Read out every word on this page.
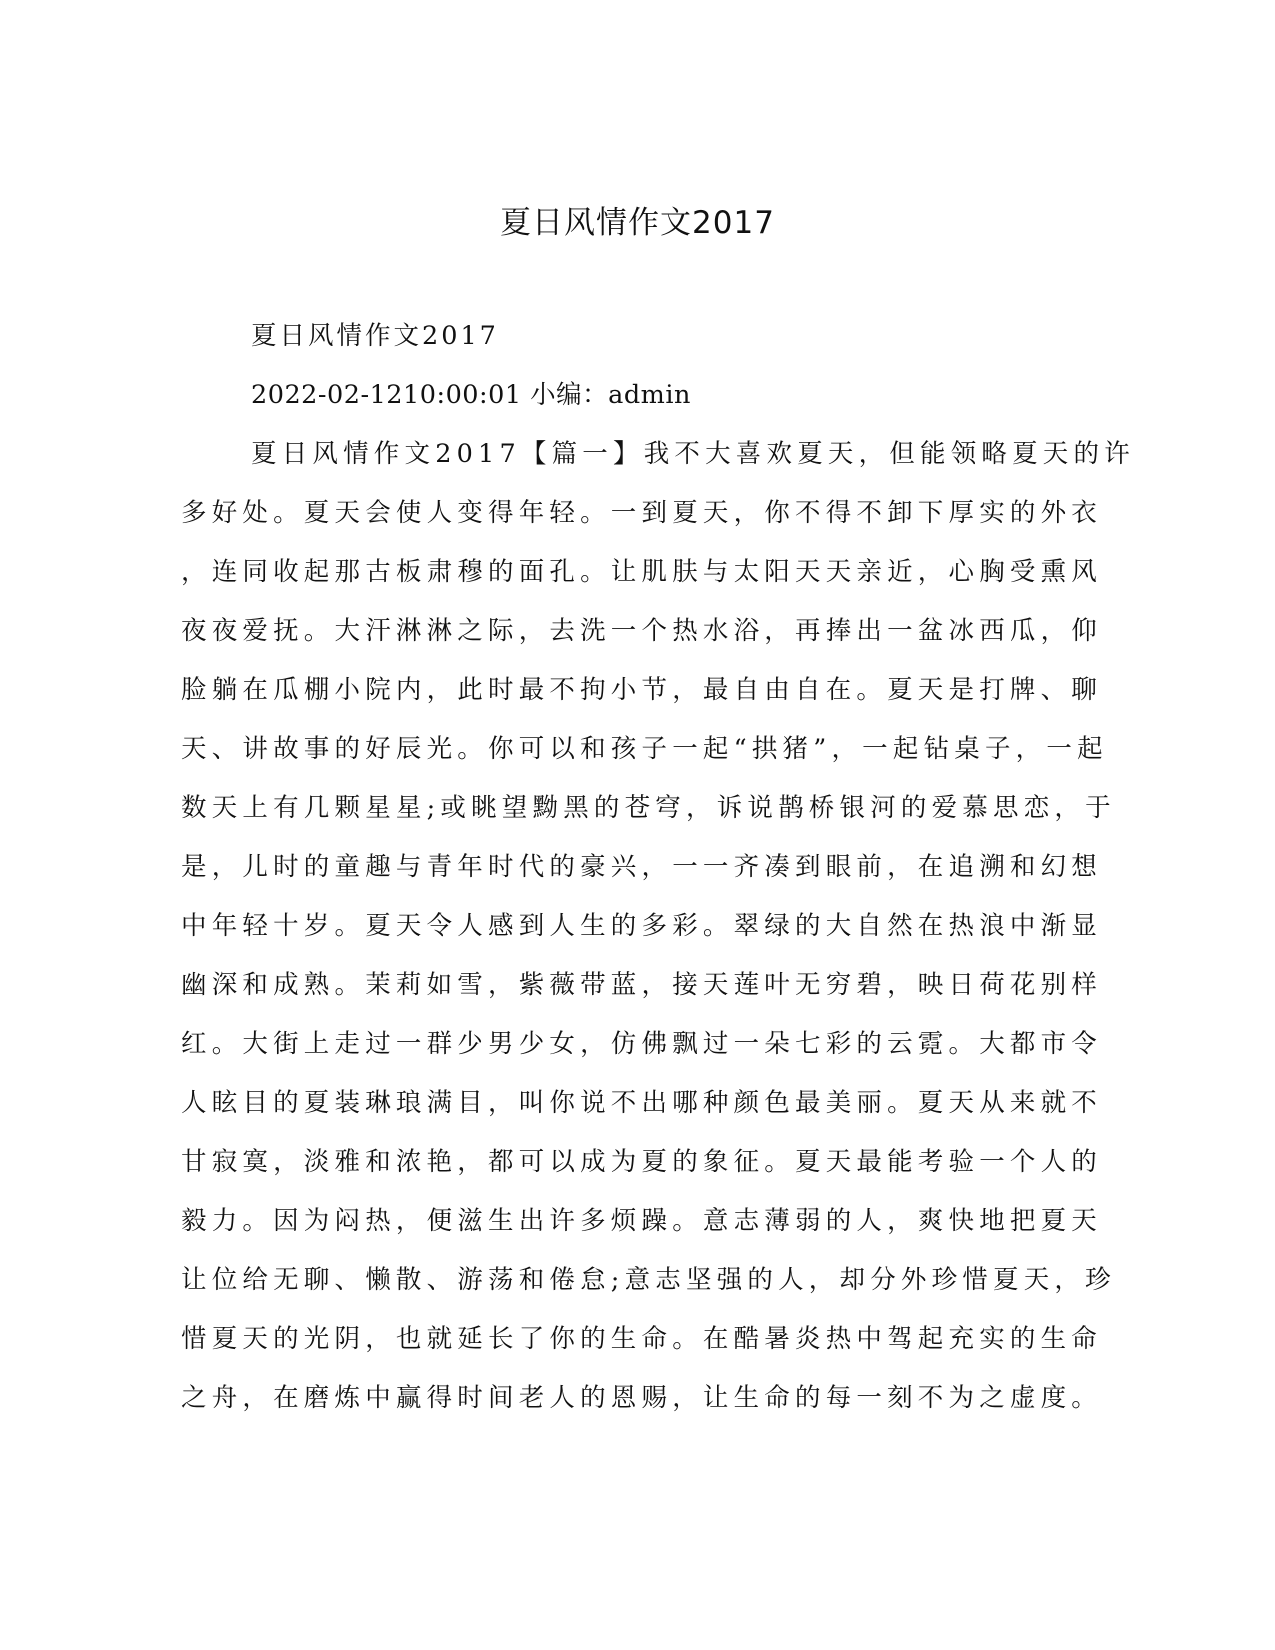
夏日风情作文2017

夏日风情作文2017

2022-02-1210:00:01 小编：admin

夏日风情作文2017【篇一】我不大喜欢夏天，但能领略夏天的许

多好处。夏天会使人变得年轻。一到夏天，你不得不卸下厚实的外衣

，连同收起那古板肃穆的面孔。让肌肤与太阳天天亲近，心胸受熏风

夜夜爱抚。大汗淋淋之际，去洗一个热水浴，再捧出一盆冰西瓜，仰

脸躺在瓜棚小院内，此时最不拘小节，最自由自在。夏天是打牌、聊

天、讲故事的好辰光。你可以和孩子一起“拱猪”，一起钻桌子，一起

数天上有几颗星星;或眺望黝黑的苍穹，诉说鹊桥银河的爱慕思恋，于

是，儿时的童趣与青年时代的豪兴，一一齐凑到眼前，在追溯和幻想

中年轻十岁。夏天令人感到人生的多彩。翠绿的大自然在热浪中渐显

幽深和成熟。茉莉如雪，紫薇带蓝，接天莲叶无穷碧，映日荷花别样

红。大街上走过一群少男少女，仿佛飘过一朵七彩的云霓。大都市令

人眩目的夏装琳琅满目，叫你说不出哪种颜色最美丽。夏天从来就不

甘寂寞，淡雅和浓艳，都可以成为夏的象征。夏天最能考验一个人的

毅力。因为闷热，便滋生出许多烦躁。意志薄弱的人，爽快地把夏天

让位给无聊、懒散、游荡和倦怠;意志坚强的人，却分外珍惜夏天，珍

惜夏天的光阴，也就延长了你的生命。在酷暑炎热中驾起充实的生命

之舟，在磨炼中赢得时间老人的恩赐，让生命的每一刻不为之虚度。
